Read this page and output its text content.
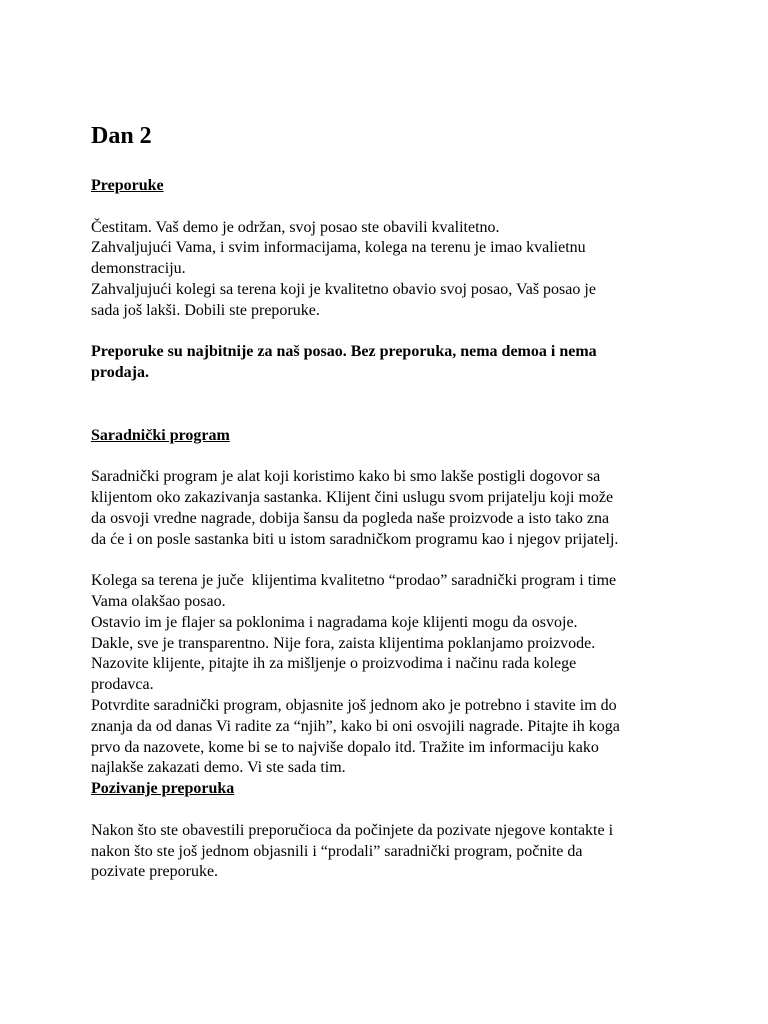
Dan 2
Preporuke
Čestitam. Vaš demo je održan, svoj posao ste obavili kvalitetno.
Zahvaljujući Vama, i svim informacijama, kolega na terenu je imao kvalietnu
demonstraciju.
Zahvaljujući kolegi sa terena koji je kvalitetno obavio svoj posao, Vaš posao je
sada još lakši. Dobili ste preporuke.
Preporuke su najbitnije za naš posao. Bez preporuka, nema demoa i nema
prodaja.
Saradnički program
Saradnički program je alat koji koristimo kako bi smo lakše postigli dogovor sa
klijentom oko zakazivanja sastanka. Klijent čini uslugu svom prijatelju koji može
da osvoji vredne nagrade, dobija šansu da pogleda naše proizvode a isto tako zna
da će i on posle sastanka biti u istom saradničkom programu kao i njegov prijatelj.
Kolega sa terena je juče  klijentima kvalitetno “prodao” saradnički program i time
Vama olakšao posao.
Ostavio im je flajer sa poklonima i nagradama koje klijenti mogu da osvoje.
Dakle, sve je transparentno. Nije fora, zaista klijentima poklanjamo proizvode.
Nazovite klijente, pitajte ih za mišljenje o proizvodima i načinu rada kolege
prodavca.
Potvrdite saradnički program, objasnite još jednom ako je potrebno i stavite im do
znanja da od danas Vi radite za “njih”, kako bi oni osvojili nagrade. Pitajte ih koga
prvo da nazovete, kome bi se to najviše dopalo itd. Tražite im informaciju kako
najlakše zakazati demo. Vi ste sada tim.
Pozivanje preporuka
Nakon što ste obavestili preporučioca da počinjete da pozivate njegove kontakte i
nakon što ste još jednom objasnili i “prodali” saradnički program, počnite da
pozivate preporuke.
